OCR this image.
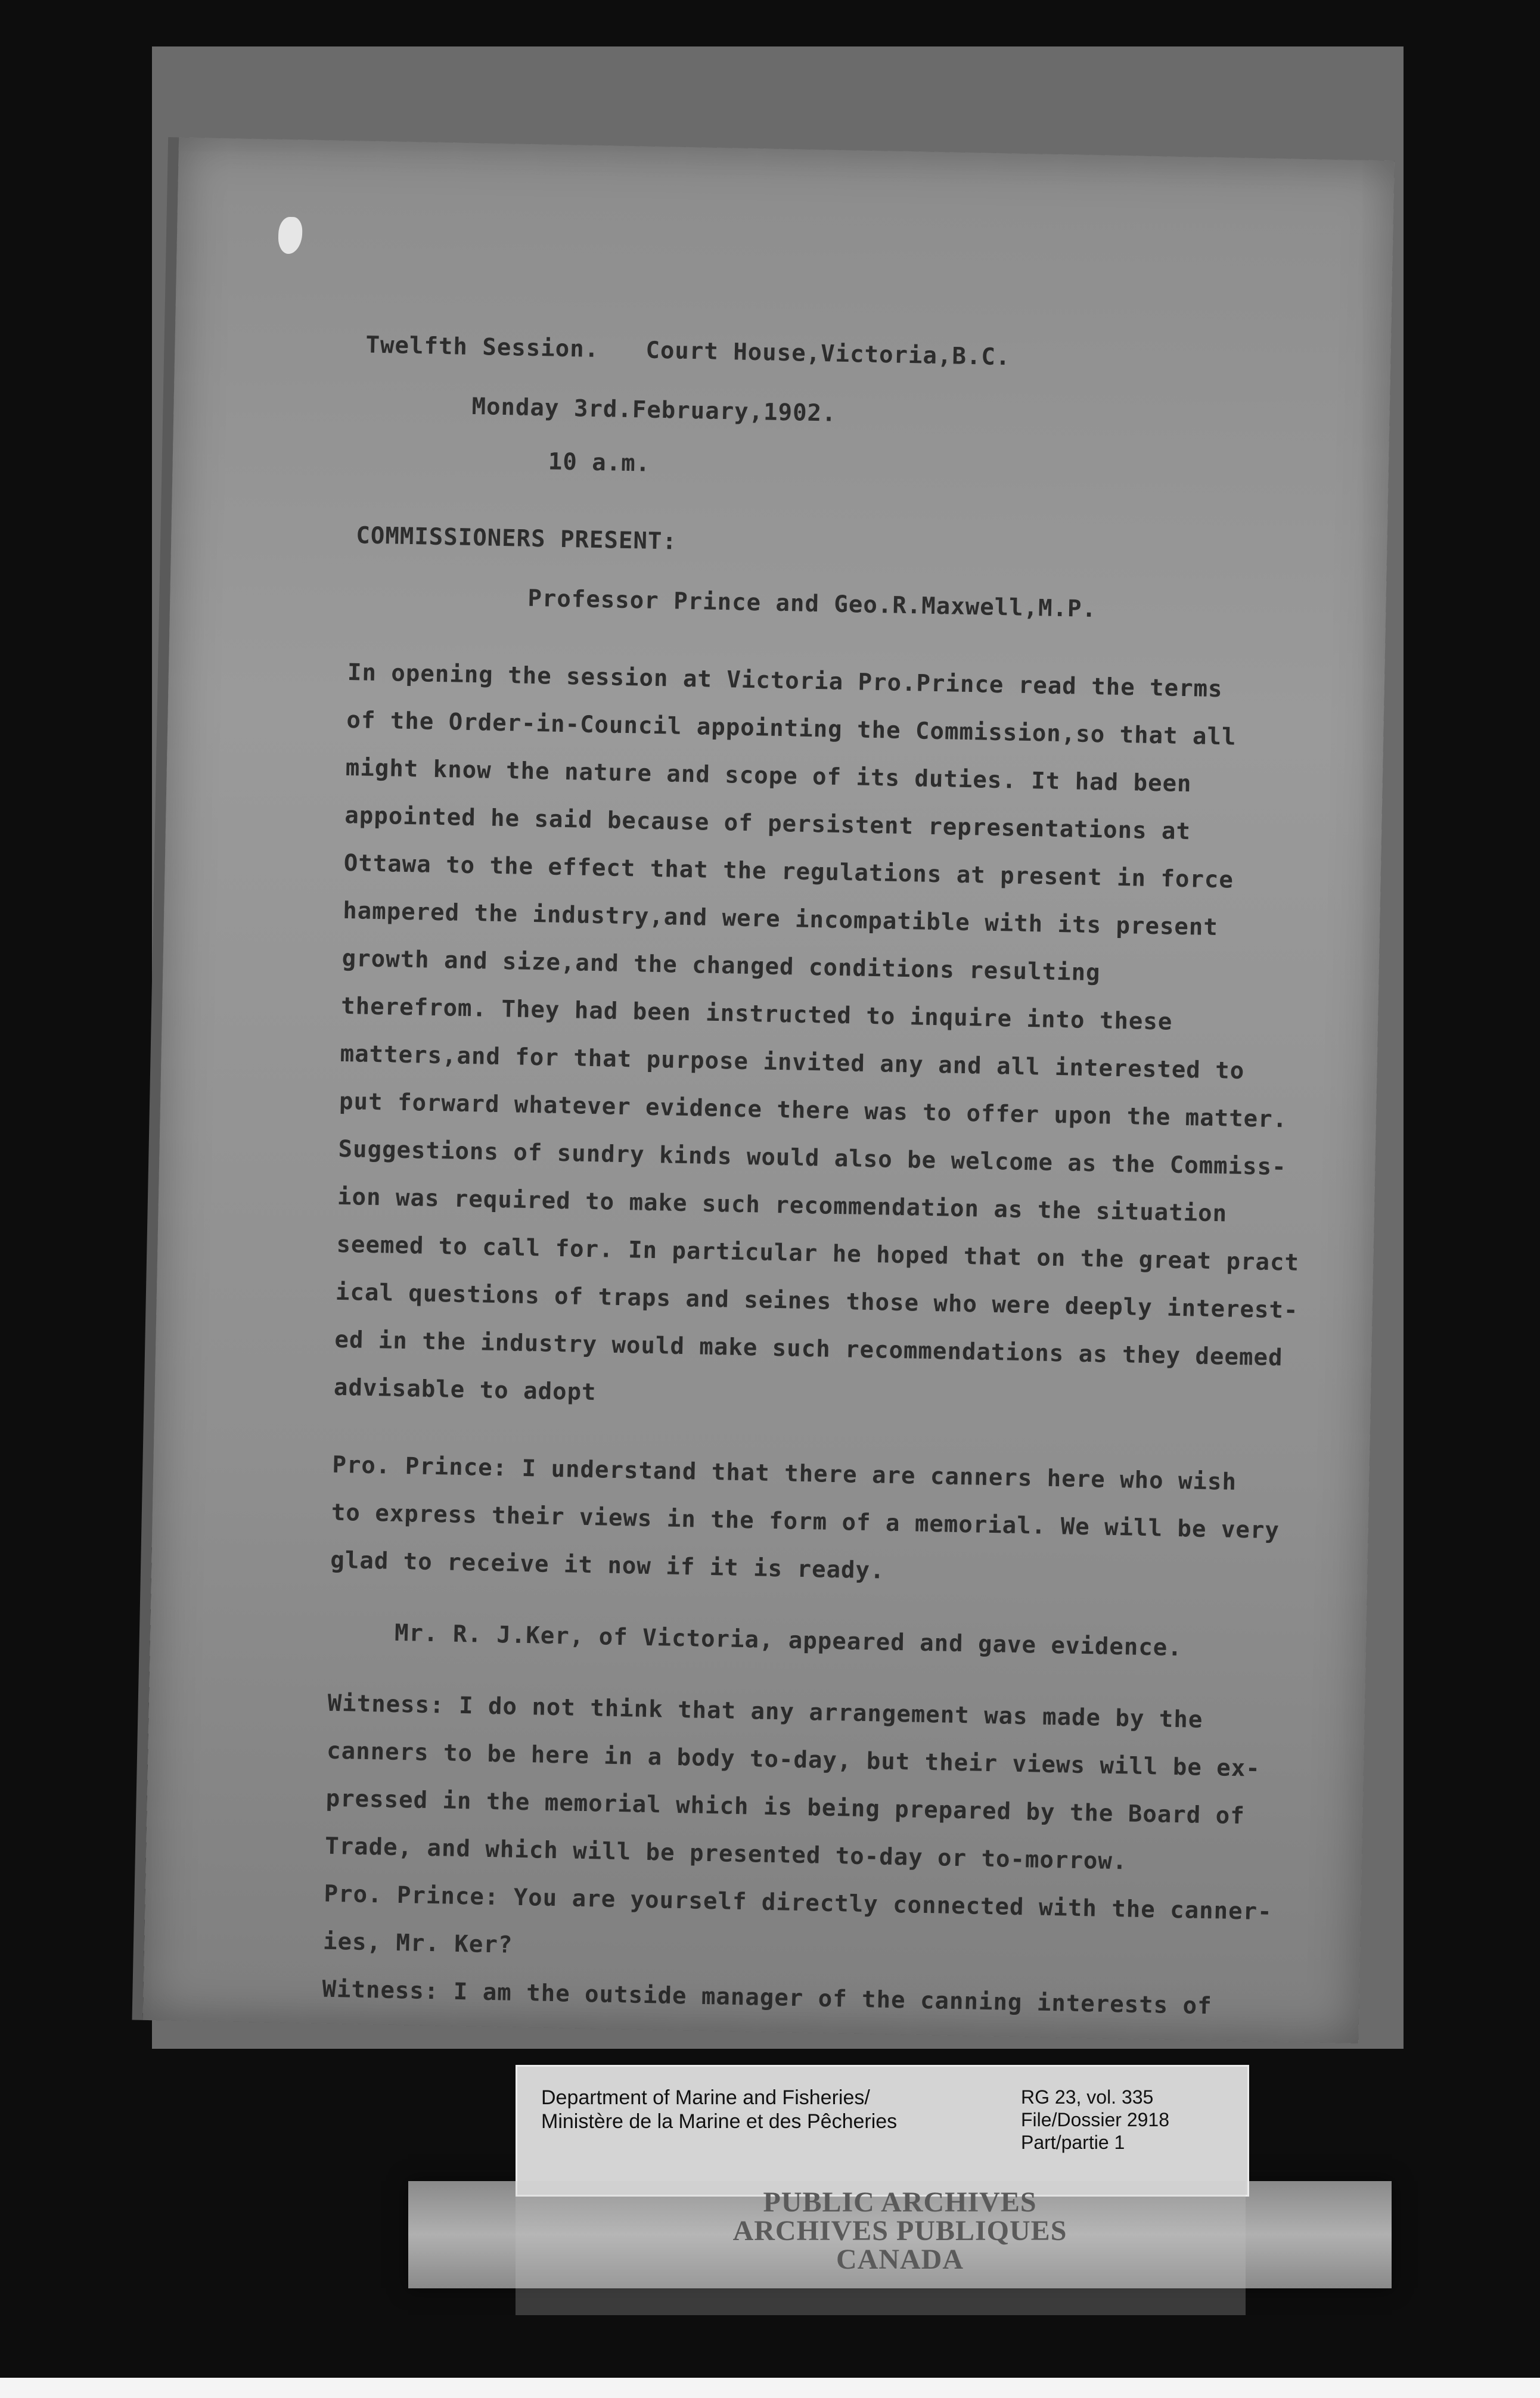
Twelfth Session. Court House,Victoria,B.C.
Monday 3rd.February,1902.
10 a.m.
COMMISSIONERS PRESENT:
Professor Prince and Geo.R.Maxwell,M.P.
In opening the session at Victoria Pro.Prince read the terms
of the Order-in-Council appointing the Commission,so that all
might know the nature and scope of its duties. It had been
appointed he said because of persistent representations at
Ottawa to the effect that the regulations at present in force
hampered the industry,and were incompatible with its present
growth and size,and the changed conditions resulting
therefrom. They had been instructed to inquire into these
matters,and for that purpose invited any and all interested to
put forward whatever evidence there was to offer upon the matter.
Suggestions of sundry kinds would also be welcome as the Commiss-
ion was required to make such recommendation as the situation
seemed to call for. In particular he hoped that on the great pract
ical questions of traps and seines those who were deeply interest-
ed in the industry would make such recommendations as they deemed
advisable to adopt
Pro. Prince: I understand that there are canners here who wish
to express their views in the form of a memorial. We will be very
glad to receive it now if it is ready.
Mr. R. J.Ker, of Victoria, appeared and gave evidence.
Witness: I do not think that any arrangement was made by the
canners to be here in a body to-day, but their views will be ex-
pressed in the memorial which is being prepared by the Board of
Trade, and which will be presented to-day or to-morrow.
Pro. Prince: You are yourself directly connected with the canner-
ies, Mr. Ker?
Witness: I am the outside manager of the canning interests of
Department of Marine and Fisheries/
Ministère de la Marine et des Pêcheries
RG 23, vol. 335
File/Dossier 2918
Part/partie 1
PUBLIC ARCHIVES
ARCHIVES PUBLIQUES
CANADA
